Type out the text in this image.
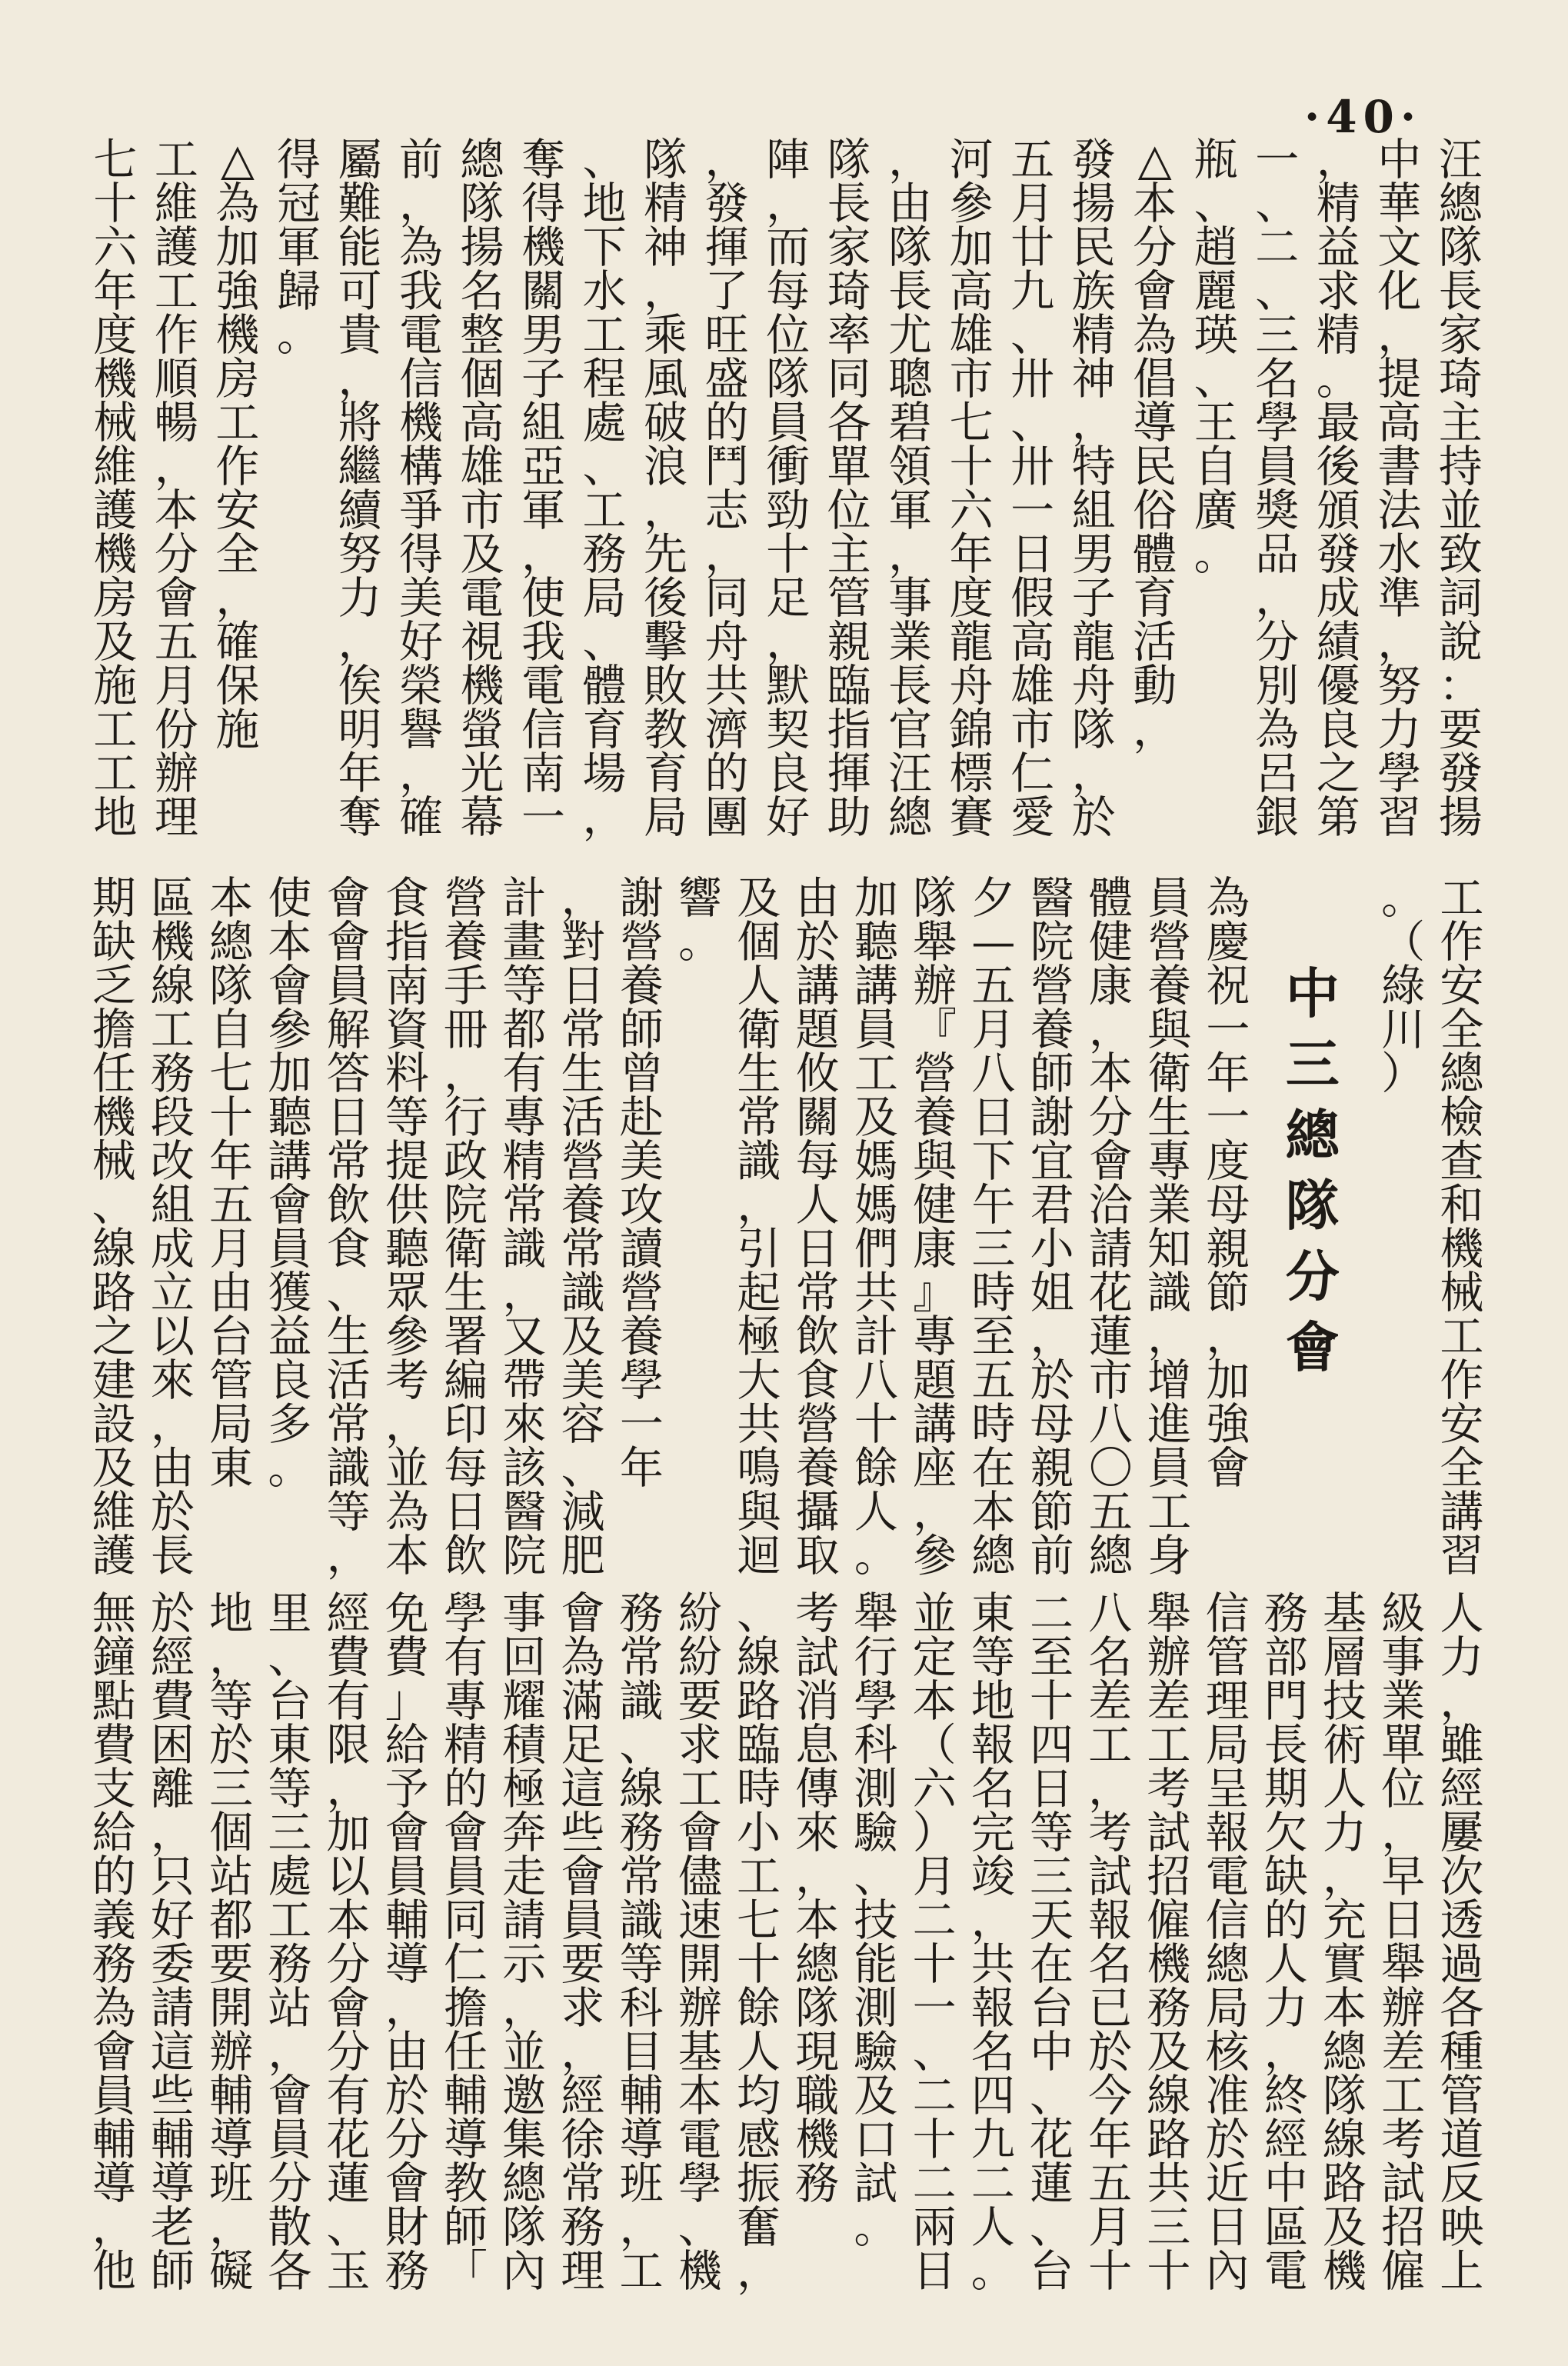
·40·
汪
總
隊
長
家
琦
主
持
並
致
詞
說
：
要
發
揚
中
華
文
化
，
提
高
書
法
水
準
，
努
力
學
習
，
精
益
求
精
。
最
後
頒
發
成
績
優
良
之
第
一
、
二
、
三
名
學
員
獎
品
，
分
別
為
呂
銀
瓶
、
趙
麗
瑛
、
王
自
廣
。
△
本
分
會
為
倡
導
民
俗
體
育
活
動
，
發
揚
民
族
精
神
，
特
組
男
子
龍
舟
隊
，
於
五
月
廿
九
、
卅
、
卅
一
日
假
高
雄
市
仁
愛
河
參
加
高
雄
市
七
十
六
年
度
龍
舟
錦
標
賽
，
由
隊
長
尤
聰
碧
領
軍
，
事
業
長
官
汪
總
隊
長
家
琦
率
同
各
單
位
主
管
親
臨
指
揮
助
陣
，
而
每
位
隊
員
衝
勁
十
足
，
默
契
良
好
，
發
揮
了
旺
盛
的
鬥
志
，
同
舟
共
濟
的
團
隊
精
神
，
乘
風
破
浪
，
先
後
擊
敗
教
育
局
、
地
下
水
工
程
處
、
工
務
局
、
體
育
場
，
奪
得
機
關
男
子
組
亞
軍
，
使
我
電
信
南
一
總
隊
揚
名
整
個
高
雄
市
及
電
視
機
螢
光
幕
前
，
為
我
電
信
機
構
爭
得
美
好
榮
譽
，
確
屬
難
能
可
貴
，
將
繼
續
努
力
，
俟
明
年
奪
得
冠
軍
歸
。
△
為
加
強
機
房
工
作
安
全
，
確
保
施
工
維
護
工
作
順
暢
，
本
分
會
五
月
份
辦
理
七
十
六
年
度
機
械
維
護
機
房
及
施
工
工
地
工
作
安
全
總
檢
查
和
機
械
工
作
安
全
講
習
。
（
綠
川
）
中
三
總
隊
分
會
為
慶
祝
一
年
一
度
母
親
節
，
加
強
會
員
營
養
與
衛
生
專
業
知
識
，
增
進
員
工
身
體
健
康
，
本
分
會
洽
請
花
蓮
市
八
〇
五
總
醫
院
營
養
師
謝
宜
君
小
姐
，
於
母
親
節
前
夕
—
五
月
八
日
下
午
三
時
至
五
時
在
本
總
隊
舉
辦
『
營
養
與
健
康
』
專
題
講
座
，
參
加
聽
講
員
工
及
媽
媽
們
共
計
八
十
餘
人
。
由
於
講
題
攸
關
每
人
日
常
飲
食
營
養
攝
取
及
個
人
衛
生
常
識
，
引
起
極
大
共
鳴
與
迴
響
。
謝
營
養
師
曾
赴
美
攻
讀
營
養
學
一
年
，
對
日
常
生
活
營
養
常
識
及
美
容
、
減
肥
計
畫
等
都
有
專
精
常
識
，
又
帶
來
該
醫
院
營
養
手
冊
，
行
政
院
衛
生
署
編
印
每
日
飲
食
指
南
資
料
等
提
供
聽
眾
參
考
，
並
為
本
會
會
員
解
答
日
常
飲
食
、
生
活
常
識
等
，
使
本
會
參
加
聽
講
會
員
獲
益
良
多
。
本
總
隊
自
七
十
年
五
月
由
台
管
局
東
區
機
線
工
務
段
改
組
成
立
以
來
，
由
於
長
期
缺
乏
擔
任
機
械
、
線
路
之
建
設
及
維
護
人
力
，
雖
經
屢
次
透
過
各
種
管
道
反
映
上
級
事
業
單
位
，
早
日
舉
辦
差
工
考
試
招
僱
基
層
技
術
人
力
，
充
實
本
總
隊
線
路
及
機
務
部
門
長
期
欠
缺
的
人
力
，
終
經
中
區
電
信
管
理
局
呈
報
電
信
總
局
核
准
於
近
日
內
舉
辦
差
工
考
試
招
僱
機
務
及
線
路
共
三
十
八
名
差
工
，
考
試
報
名
已
於
今
年
五
月
十
二
至
十
四
日
等
三
天
在
台
中
、
花
蓮
、
台
東
等
地
報
名
完
竣
，
共
報
名
四
九
二
人
。
並
定
本
（
六
）
月
二
十
一
、
二
十
二
兩
日
舉
行
學
科
測
驗
、
技
能
測
驗
及
口
試
。
考
試
消
息
傳
來
，
本
總
隊
現
職
機
務
、
線
路
臨
時
小
工
七
十
餘
人
均
感
振
奮
，
紛
紛
要
求
工
會
儘
速
開
辦
基
本
電
學
、
機
務
常
識
、
線
務
常
識
等
科
目
輔
導
班
，
工
會
為
滿
足
這
些
會
員
要
求
，
經
徐
常
務
理
事
回
耀
積
極
奔
走
請
示
，
並
邀
集
總
隊
內
學
有
專
精
的
會
員
同
仁
擔
任
輔
導
教
師
「
免
費
」
給
予
會
員
輔
導
，
由
於
分
會
財
務
經
費
有
限
，
加
以
本
分
會
分
有
花
蓮
、
玉
里
、
台
東
等
三
處
工
務
站
，
會
員
分
散
各
地
，
等
於
三
個
站
都
要
開
辦
輔
導
班
，
礙
於
經
費
困
離
，
只
好
委
請
這
些
輔
導
老
師
無
鐘
點
費
支
給
的
義
務
為
會
員
輔
導
，
他
